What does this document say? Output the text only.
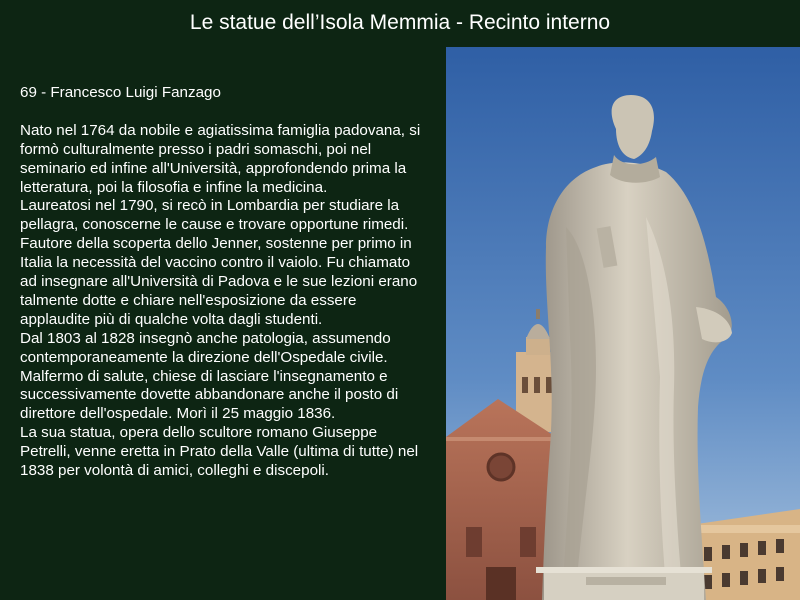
Le statue dell’Isola Memmia - Recinto interno

69 - Francesco Luigi Fanzago

Nato nel 1764 da nobile e agiatissima famiglia padovana, si formò culturalmente presso i padri somaschi, poi nel seminario ed infine all'Università, approfondendo prima la letteratura, poi la filosofia e infine la medicina.

Laureatosi nel 1790, si recò in Lombardia per studiare la pellagra, conoscerne le cause e trovare opportune rimedi. Fautore della scoperta dello Jenner, sostenne per primo in Italia la necessità del vaccino contro il vaiolo. Fu chiamato ad insegnare all'Università di Padova e le sue lezioni erano talmente dotte e chiare nell'esposizione da essere applaudite più di qualche volta dagli studenti.

Dal 1803 al 1828 insegnò anche patologia, assumendo contemporaneamente la direzione dell'Ospedale civile.

Malfermo di salute, chiese di lasciare l'insegnamento e successivamente dovette abbandonare anche il posto di direttore dell'ospedale. Morì il 25 maggio 1836.

La sua statua, opera dello scultore romano Giuseppe Petrelli, venne eretta in Prato della Valle (ultima di tutte) nel 1838 per volontà di amici, colleghi e discepoli.
